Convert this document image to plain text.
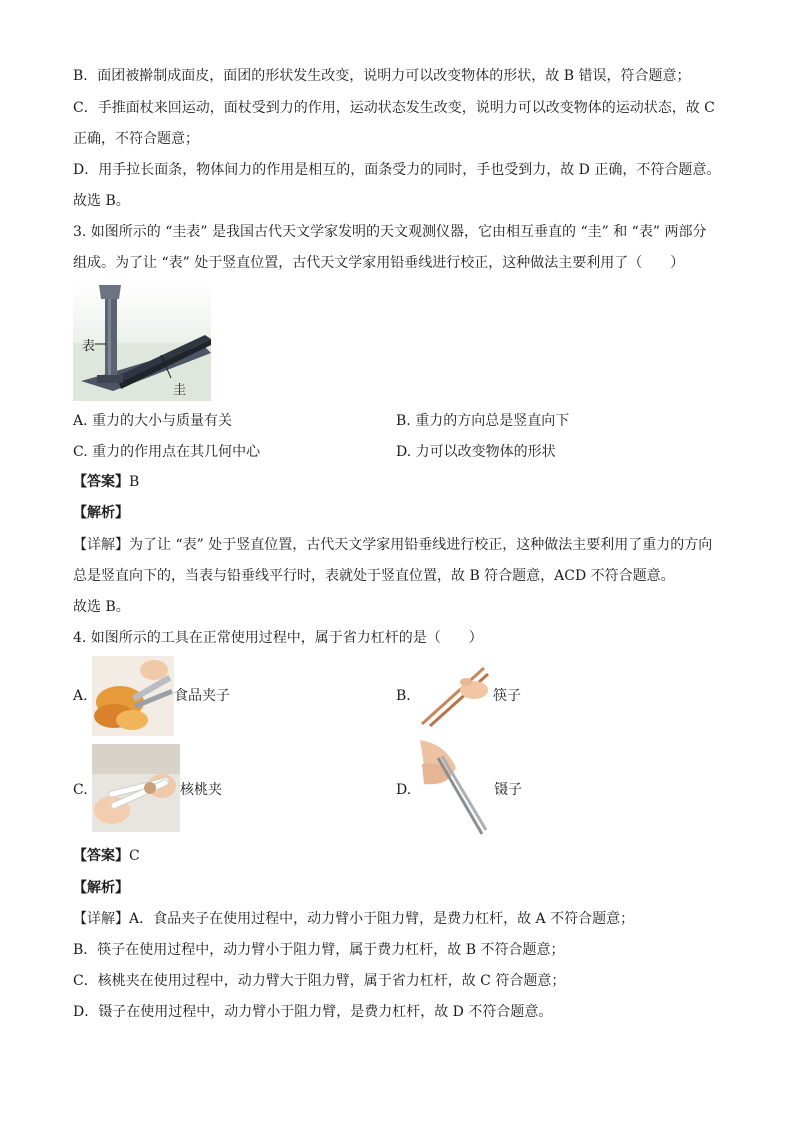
B．面团被擀制成面皮，面团的形状发生改变，说明力可以改变物体的形状，故 B 错误，符合题意；
C．手推面杖来回运动，面杖受到力的作用，运动状态发生改变，说明力可以改变物体的运动状态，故 C
正确，不符合题意；
D．用手拉长面条，物体间力的作用是相互的，面条受力的同时，手也受到力，故 D 正确，不符合题意。
故选 B。
3. 如图所示的 “圭表” 是我国古代天文学家发明的天文观测仪器，它由相互垂直的 “圭” 和 “表” 两部分
组成。为了让 “表” 处于竖直位置，古代天文学家用铅垂线进行校正，这种做法主要利用了（　　）
表
圭
A. 重力的大小与质量有关	B. 重力的方向总是竖直向下
C. 重力的作用点在其几何中心	D. 力可以改变物体的形状
【答案】B
【解析】
【详解】为了让 “表” 处于竖直位置，古代天文学家用铅垂线进行校正，这种做法主要利用了重力的方向
总是竖直向下的，当表与铅垂线平行时，表就处于竖直位置，故 B 符合题意，ACD 不符合题意。
故选 B。
4. 如图所示的工具在正常使用过程中，属于省力杠杆的是（　　）
A.	食品夹子	B.	筷子
C.	核桃夹	D.	镊子
【答案】C
【解析】
【详解】A．食品夹子在使用过程中，动力臂小于阻力臂，是费力杠杆，故 A 不符合题意；
B．筷子在使用过程中，动力臂小于阻力臂，属于费力杠杆，故 B 不符合题意；
C．核桃夹在使用过程中，动力臂大于阻力臂，属于省力杠杆，故 C 符合题意；
D．镊子在使用过程中，动力臂小于阻力臂，是费力杠杆，故 D 不符合题意。
